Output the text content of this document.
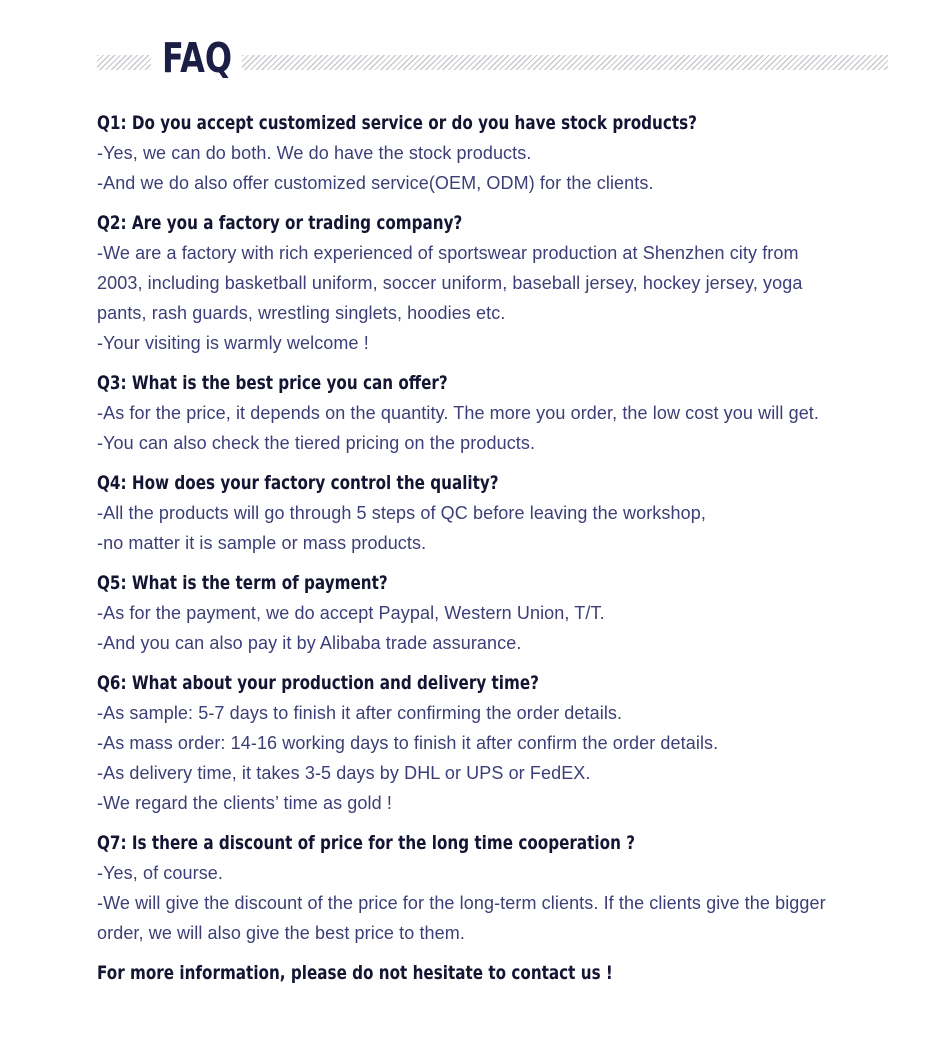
FAQ
Q1: Do you accept customized service or do you have stock products?
-Yes, we can do both. We do have the stock products.
-And we do also offer customized service(OEM, ODM) for the clients.
Q2: Are you a factory or trading company?
-We are a factory with rich experienced of sportswear production at Shenzhen city from
2003, including basketball uniform, soccer uniform, baseball jersey, hockey jersey, yoga
pants, rash guards, wrestling singlets, hoodies etc.
-Your visiting is warmly welcome !
Q3: What is the best price you can offer?
-As for the price, it depends on the quantity. The more you order, the low cost you will get.
-You can also check the tiered pricing on the products.
Q4: How does your factory control the quality?
-All the products will go through 5 steps of QC before leaving the workshop,
-no matter it is sample or mass products.
Q5: What is the term of payment?
-As for the payment, we do accept Paypal, Western Union, T/T.
-And you can also pay it by Alibaba trade assurance.
Q6: What about your production and delivery time?
-As sample: 5-7 days to finish it after confirming the order details.
-As mass order: 14-16 working days to finish it after confirm the order details.
-As delivery time, it takes 3-5 days by DHL or UPS or FedEX.
-We regard the clients’ time as gold !
Q7: Is there a discount of price for the long time cooperation ?
-Yes, of course.
-We will give the discount of the price for the long-term clients. If the clients give the bigger
order, we will also give the best price to them.
For more information, please do not hesitate to contact us !
